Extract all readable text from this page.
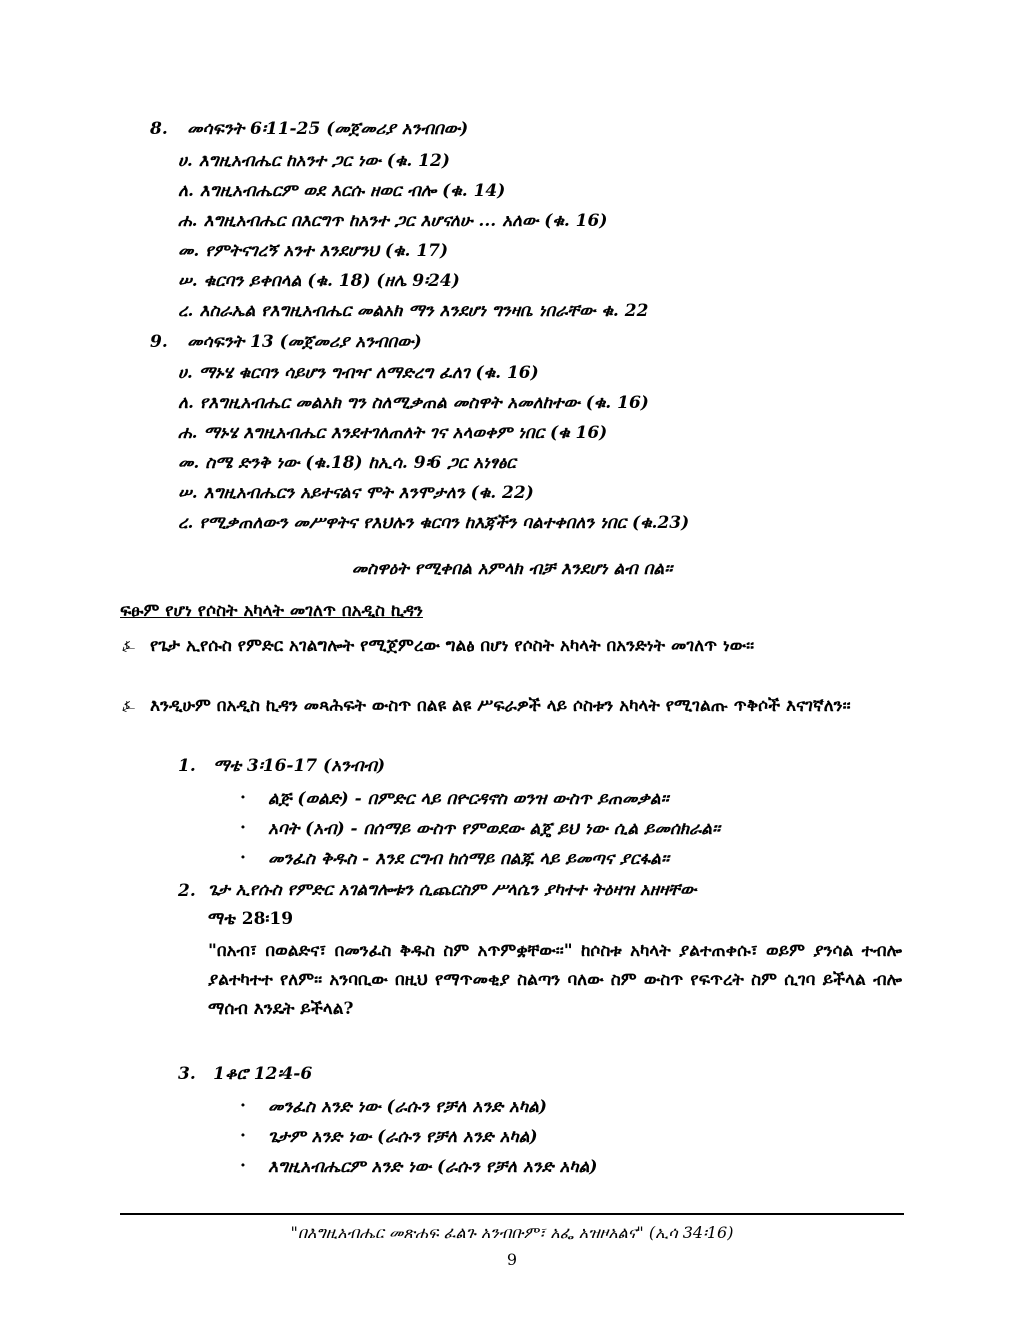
8. መሳፍንት 6፡11-25 (መጀመሪያ አንብበው)
ሀ. እግዚአብሔር ከአንተ ጋር ነው (ቁ. 12)
ለ. እግዚአብሔርም ወደ እርሱ ዘወር ብሎ (ቁ. 14)
ሐ. እግዚአብሔር በእርግጥ ከአንተ ጋር እሆናለሁ ... አለው (ቁ. 16)
መ. የምትናገረኝ አንተ እንደሆንህ (ቁ. 17)
ሠ. ቁርባን ይቀበላል (ቁ. 18) (ዘሌ 9፡24)
ረ. እስራኤል የእግዚአብሔር መልአክ ማን እንደሆነ ግንዛቤ ነበራቸው ቁ. 22
9. መሳፍንት 13 (መጀመሪያ አንብበው)
ሀ. ማኑሄ ቁርባን ሳይሆን ግብዣ ለማድረግ ፈለገ (ቁ. 16)
ለ. የእግዚአብሔር መልአክ ግን ስለሚቃጠል መስዋት አመለከተው (ቁ. 16)
ሐ. ማኑሄ እግዚአብሔር እንደተገለጠለት ገና አላወቀም ነበር (ቁ 16)
መ. ስሜ ድንቅ ነው (ቁ.18) ከኢሳ. 9፡6 ጋር አነፃፅር
ሠ. እግዚአብሔርን አይተናልና ሞት እንሞታለን (ቁ. 22)
ረ. የሚቃጠለውን መሥዋትና የእህሉን ቁርባን ከእጃችን ባልተቀበለን ነበር (ቁ.23)
መስዋዕት የሚቀበል አምላክ ብቻ እንደሆነ ልብ በል፡፡
ፍፁም የሆነ የሶስት አካላት መገለጥ በአዲስ ኪዳን
⍼ የጌታ ኢየሱስ የምድር አገልግሎት የሚጀምረው ግልፅ በሆነ የሶስት አካላት በአንድነት መገለጥ ነው፡፡
⍼ እንዲሁም በአዲስ ኪዳን መጻሕፍት ውስጥ በልዩ ልዩ ሥፍራዎች ላይ ሶስቱን አካላት የሚገልጡ ጥቅሶች እናገኛለን፡፡
1. ማቴ 3፡16-17 (አንብብ)
· ልጅ (ወልድ) - በምድር ላይ በዮርዳኖስ ወንዝ ውስጥ ይጠመቃል፡፡
· አባት (አብ) - በሰማይ ውስጥ የምወደው ልጄ ይህ ነው ሲል ይመሰክራል፡፡
· መንፈስ ቅዱስ - እንደ ርግብ ከሰማይ በልጁ ላይ ይመጣና ያርፋል፡፡
2. ጌታ ኢየሱስ የምድር አገልግሎቱን ሲጨርስም ሥላሴን ያካተተ ትዕዛዝ አዘዛቸው
ማቴ 28፡19
"በአብ፣ በወልድና፣ በመንፈስ ቅዱስ ስም አጥምቋቸው፡፡" ከሶስቱ አካላት ያልተጠቀሱ፣ ወይም ያንሳል ተብሎ ያልተካተተ የለም፡፡ አንባቢው በዚህ የማጥመቂያ ስልጣን ባለው ስም ውስጥ የፍጥረት ስም ሲገባ ይችላል ብሎ ማሰብ እንዴት ይችላል?
3. 1ቆሮ 12፡4-6
· መንፈስ አንድ ነው (ራሱን የቻለ አንድ አካል)
· ጌታም አንድ ነው (ራሱን የቻለ አንድ አካል)
· እግዚአብሔርም አንድ ነው (ራሱን የቻለ አንድ አካል)
"በእግዚአብሔር መጽሐፍ ፈልጉ አንብቡም፣ አፌ አዝዞአልና" (ኢሳ 34፡16)
9
